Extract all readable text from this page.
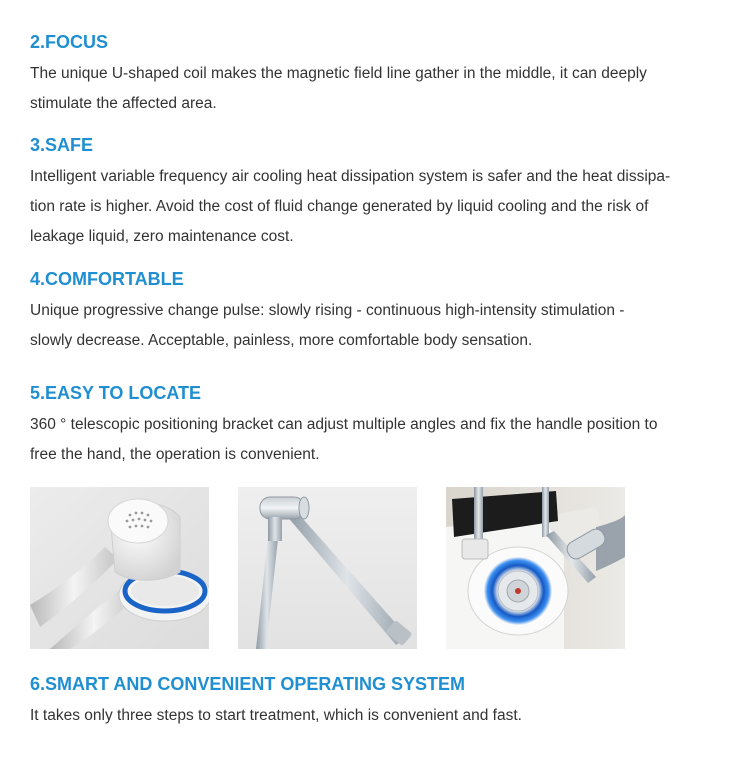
2.FOCUS

The unique U-shaped coil makes the magnetic field line gather in the middle, it can deeply

stimulate the affected area.

3.SAFE

Intelligent variable frequency air cooling heat dissipation system is safer and the heat dissipa-

tion rate is higher. Avoid the cost of fluid change generated by liquid cooling and the risk of

leakage liquid, zero maintenance cost.

4.COMFORTABLE

Unique progressive change pulse: slowly rising - continuous high-intensity stimulation -

slowly decrease. Acceptable, painless, more comfortable body sensation.

5.EASY TO LOCATE

360 ° telescopic positioning bracket can adjust multiple angles and fix the handle position to

free the hand, the operation is convenient.

6.SMART AND CONVENIENT OPERATING SYSTEM

It takes only three steps to start treatment, which is convenient and fast.
